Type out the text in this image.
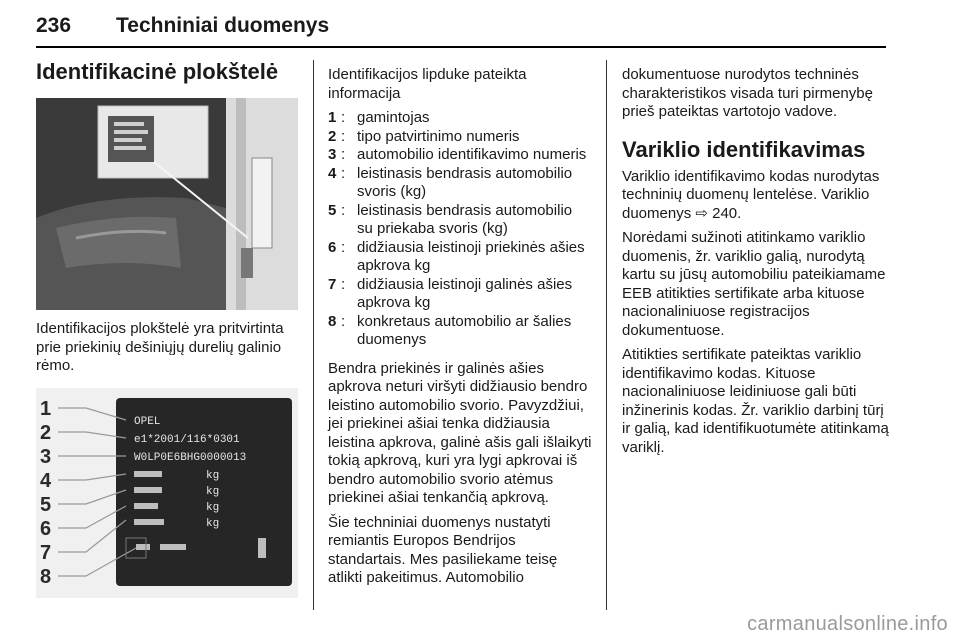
236 Techniniai duomenys
Identifikacinė plokštelė

Identifikacijos plokštelė yra pritvirtinta prie priekinių dešiniųjų durelių galinio rėmo.

1
2
3
4
5
6
7
8
OPEL
e1*2001/116*0301
W0LP0E6BHG0000013
kg
kg
kg
kg

Identifikacijos lipduke pateikta informacija

1 : gamintojas
2 : tipo patvirtinimo numeris
3 : automobilio identifikavimo numeris
4 : leistinasis bendrasis automobilio svoris (kg)
5 : leistinasis bendrasis automobilio su priekaba svoris (kg)
6 : didžiausia leistinoji priekinės ašies apkrova kg
7 : didžiausia leistinoji galinės ašies apkrova kg
8 : konkretaus automobilio ar šalies duomenys

Bendra priekinės ir galinės ašies apkrova neturi viršyti didžiausio bendro leistino automobilio svorio. Pavyzdžiui, jei priekinei ašiai tenka didžiausia leistina apkrova, galinė ašis gali išlaikyti tokią apkrovą, kuri yra lygi apkrovai iš bendro automobilio svorio atėmus priekinei ašiai tenkančią apkrovą.

Šie techniniai duomenys nustatyti remiantis Europos Bendrijos standartais. Mes pasiliekame teisę atlikti pakeitimus. Automobilio

dokumentuose nurodytos techninės charakteristikos visada turi pirmenybę prieš pateiktas vartotojo vadove.

Variklio identifikavimas

Variklio identifikavimo kodas nurodytas techninių duomenų lentelėse. Variklio duomenys ⇨ 240.

Norėdami sužinoti atitinkamo variklio duomenis, žr. variklio galią, nurodytą kartu su jūsų automobiliu pateikiamame EEB atitikties sertifikate arba kituose nacionaliniuose registracijos dokumentuose.

Atitikties sertifikate pateiktas variklio identifikavimo kodas. Kituose nacionaliniuose leidiniuose gali būti inžinerinis kodas. Žr. variklio darbinį tūrį ir galią, kad identifikuotumėte atitinkamą variklį.

carmanualsonline.info
